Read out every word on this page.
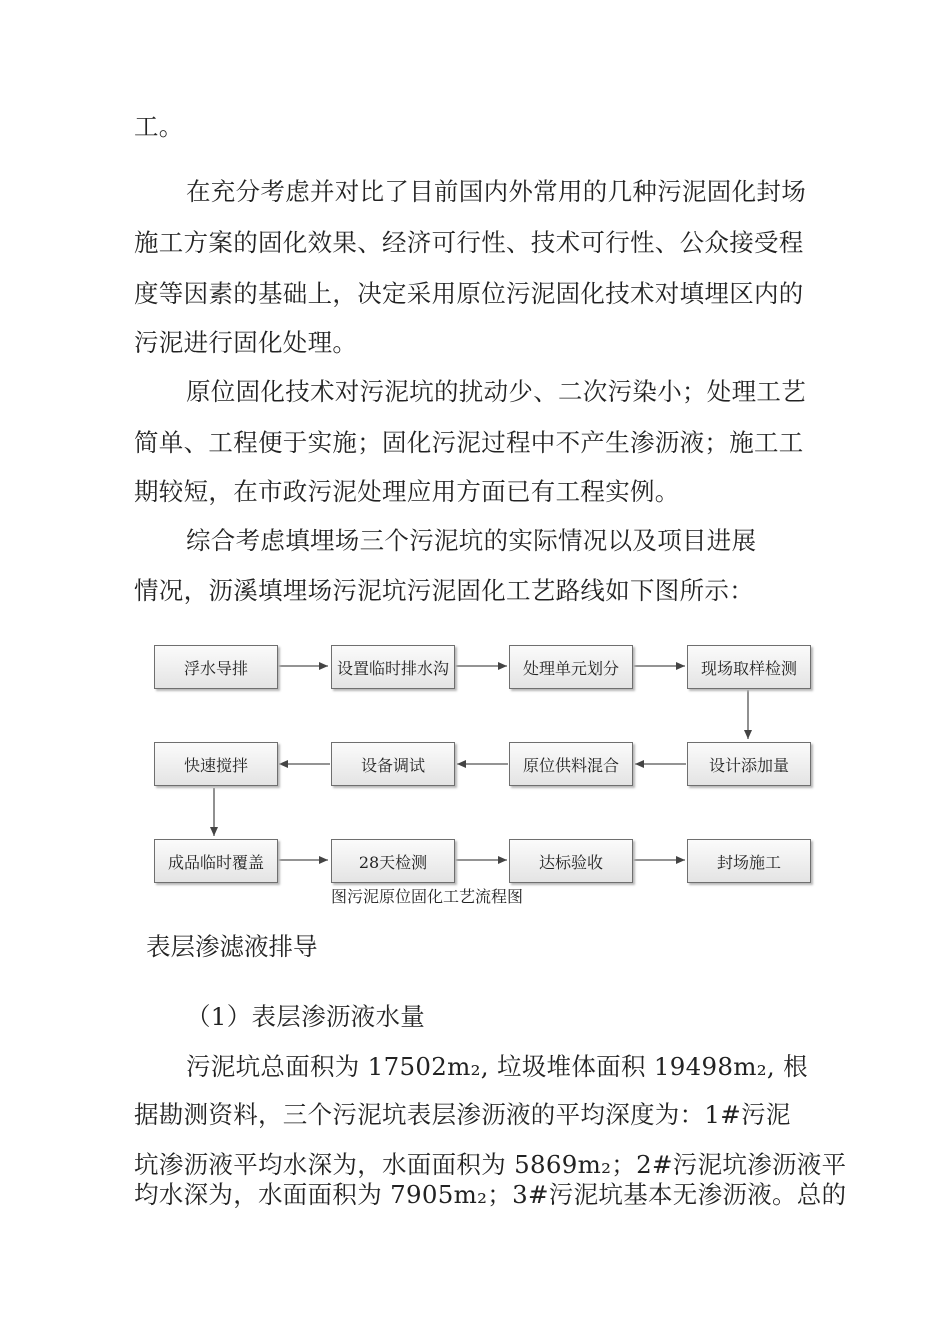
工。
在充分考虑并对比了目前国内外常用的几种污泥固化封场
施工方案的固化效果、经济可行性、技术可行性、公众接受程
度等因素的基础上，决定采用原位污泥固化技术对填埋区内的
污泥进行固化处理。
原位固化技术对污泥坑的扰动少、二次污染小；处理工艺
简单、工程便于实施；固化污泥过程中不产生渗沥液；施工工
期较短，在市政污泥处理应用方面已有工程实例。
综合考虑填埋场三个污泥坑的实际情况以及项目进展
情况，沥溪填埋场污泥坑污泥固化工艺路线如下图所示：
浮水导排	设置临时排水沟	处理单元划分	现场取样检测
快速搅拌	设备调试	原位供料混合	设计添加量
成品临时覆盖	28天检测	达标验收	封场施工
图污泥原位固化工艺流程图
表层渗滤液排导
（1）表层渗沥液水量
污泥坑总面积为 17502m₂, 垃圾堆体面积 19498m₂, 根
据勘测资料，三个污泥坑表层渗沥液的平均深度为：1#污泥
坑渗沥液平均水深为，水面面积为 5869m₂；2#污泥坑渗沥液平
均水深为，水面面积为 7905m₂；3#污泥坑基本无渗沥液。总的
